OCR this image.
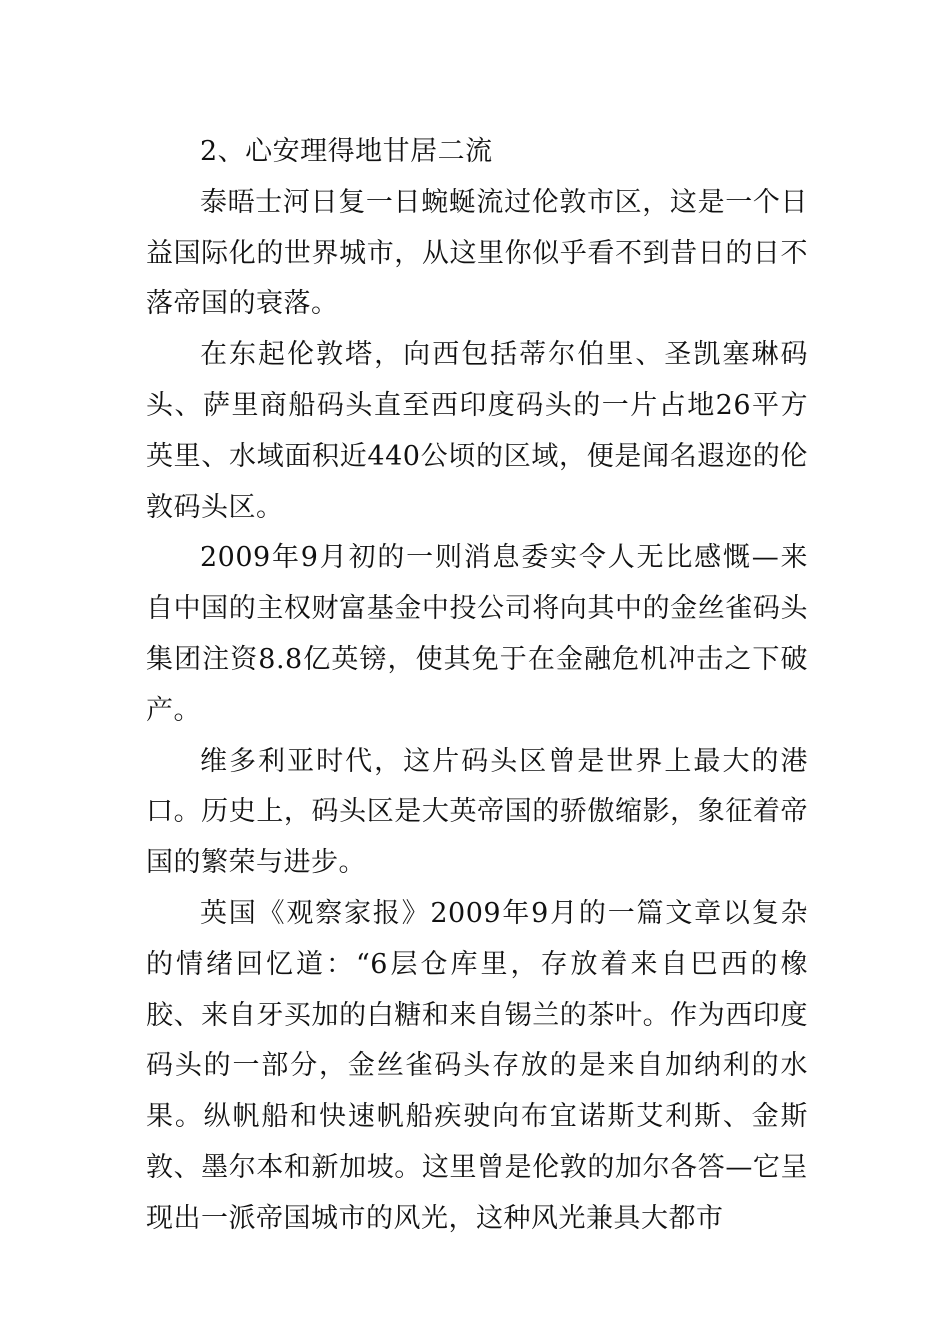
2、心安理得地甘居二流

泰晤士河日复一日蜿蜒流过伦敦市区，这是一个日益国际化的世界城市，从这里你似乎看不到昔日的日不落帝国的衰落。

在东起伦敦塔，向西包括蒂尔伯里、圣凯塞琳码头、萨里商船码头直至西印度码头的一片占地26平方英里、水域面积近440公顷的区域，便是闻名遐迩的伦敦码头区。

2009年9月初的一则消息委实令人无比感慨—来自中国的主权财富基金中投公司将向其中的金丝雀码头集团注资8.8亿英镑，使其免于在金融危机冲击之下破产。

维多利亚时代，这片码头区曾是世界上最大的港口。历史上，码头区是大英帝国的骄傲缩影，象征着帝国的繁荣与进步。

英国《观察家报》2009年9月的一篇文章以复杂的情绪回忆道：“6层仓库里，存放着来自巴西的橡胶、来自牙买加的白糖和来自锡兰的茶叶。作为西印度码头的一部分，金丝雀码头存放的是来自加纳利的水果。纵帆船和快速帆船疾驶向布宜诺斯艾利斯、金斯敦、墨尔本和新加坡。这里曾是伦敦的加尔各答—它呈现出一派帝国城市的风光，这种风光兼具大都市
